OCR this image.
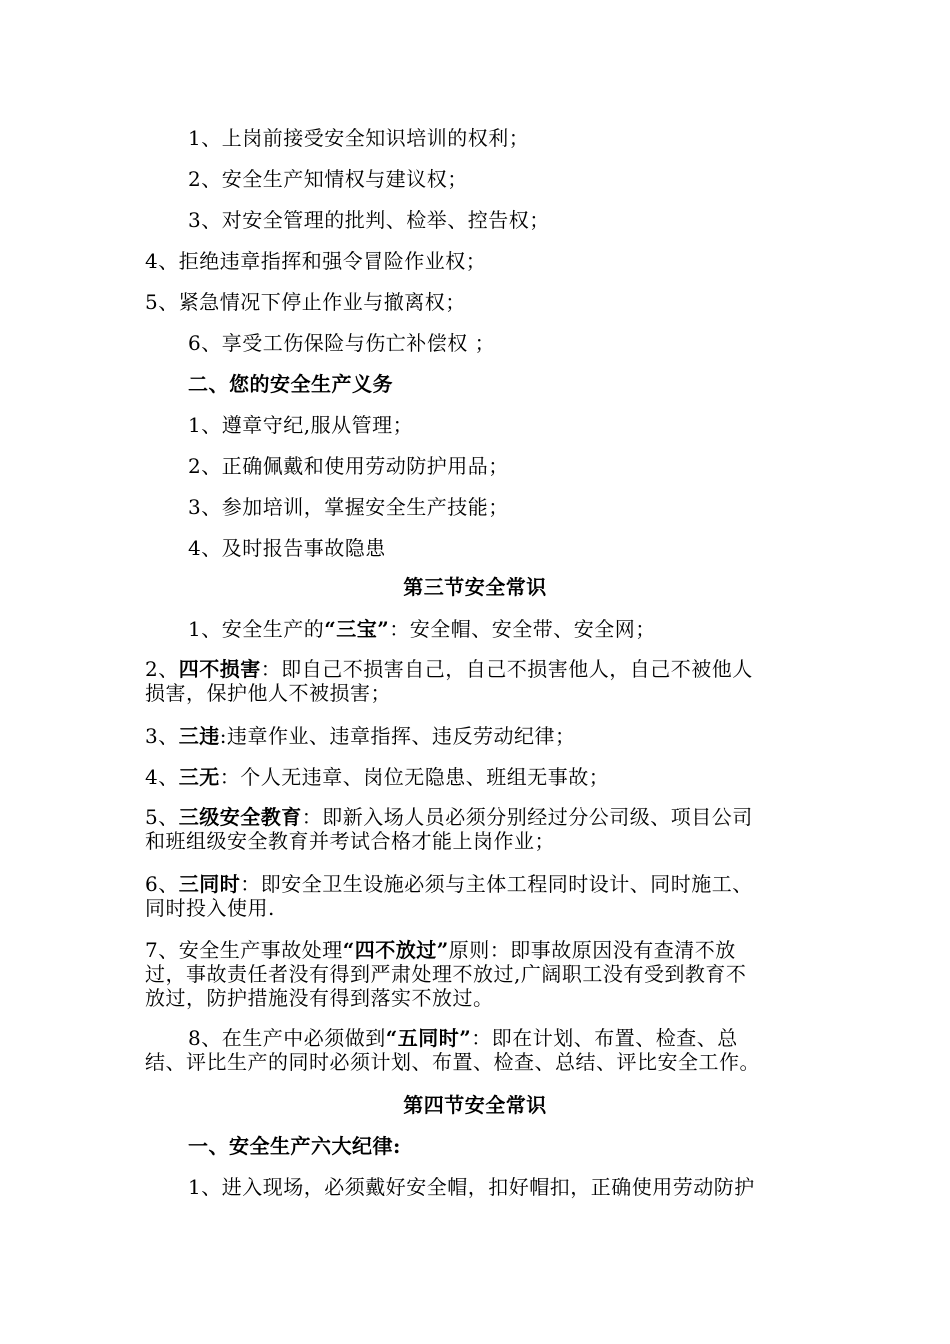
1、上岗前接受安全知识培训的权利；
2、安全生产知情权与建议权；
3、对安全管理的批判、检举、控告权；
4、拒绝违章指挥和强令冒险作业权；
5、紧急情况下停止作业与撤离权；
6、享受工伤保险与伤亡补偿权 ；
二、您的安全生产义务
1、遵章守纪,服从管理；
2、正确佩戴和使用劳动防护用品；
3、参加培训，掌握安全生产技能；
4、及时报告事故隐患
第三节安全常识
1、安全生产的“三宝”：安全帽、安全带、安全网；
2、四不损害：即自己不损害自己，自己不损害他人，自己不被他人
损害，保护他人不被损害；
3、三违:违章作业、违章指挥、违反劳动纪律；
4、三无：个人无违章、岗位无隐患、班组无事故；
5、三级安全教育：即新入场人员必须分别经过分公司级、项目公司
和班组级安全教育并考试合格才能上岗作业；
6、三同时：即安全卫生设施必须与主体工程同时设计、同时施工、
同时投入使用.
7、安全生产事故处理“四不放过”原则：即事故原因没有查清不放
过，事故责任者没有得到严肃处理不放过,广阔职工没有受到教育不
放过，防护措施没有得到落实不放过。
8、在生产中必须做到“五同时”：即在计划、布置、检查、总
结、评比生产的同时必须计划、布置、检查、总结、评比安全工作。
第四节安全常识
一、安全生产六大纪律:
1、进入现场，必须戴好安全帽，扣好帽扣，正确使用劳动防护
